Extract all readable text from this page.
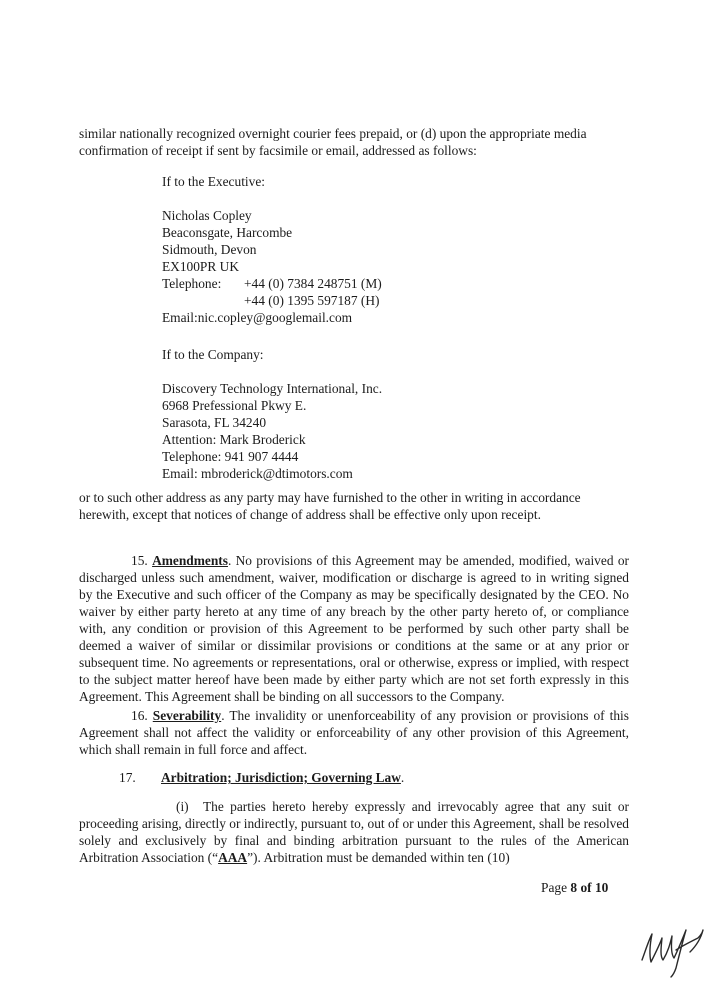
similar nationally recognized overnight courier fees prepaid, or (d) upon the appropriate media confirmation of receipt if sent by facsimile or email, addressed as follows:

If to the Executive:
Nicholas Copley
Beaconsgate, Harcombe
Sidmouth, Devon
EX100PR UK
Telephone: +44 (0) 7384 248751 (M)
+44 (0) 1395 597187 (H)
Email:nic.copley@googlemail.com
If to the Company:
Discovery Technology International, Inc.
6968 Prefessional Pkwy E.
Sarasota, FL 34240
Attention: Mark Broderick
Telephone: 941 907 4444
Email: mbroderick@dtimotors.com

or to such other address as any party may have furnished to the other in writing in accordance herewith, except that notices of change of address shall be effective only upon receipt.

15. Amendments. No provisions of this Agreement may be amended, modified, waived or discharged unless such amendment, waiver, modification or discharge is agreed to in writing signed by the Executive and such officer of the Company as may be specifically designated by the CEO. No waiver by either party hereto at any time of any breach by the other party hereto of, or compliance with, any condition or provision of this Agreement to be performed by such other party shall be deemed a waiver of similar or dissimilar provisions or conditions at the same or at any prior or subsequent time. No agreements or representations, oral or otherwise, express or implied, with respect to the subject matter hereof have been made by either party which are not set forth expressly in this Agreement. This Agreement shall be binding on all successors to the Company.

16. Severability. The invalidity or unenforceability of any provision or provisions of this Agreement shall not affect the validity or enforceability of any other provision of this Agreement, which shall remain in full force and affect.

17. Arbitration; Jurisdiction; Governing Law.

(i) The parties hereto hereby expressly and irrevocably agree that any suit or proceeding arising, directly or indirectly, pursuant to, out of or under this Agreement, shall be resolved solely and exclusively by final and binding arbitration pursuant to the rules of the American Arbitration Association (“AAA”). Arbitration must be demanded within ten (10)

Page 8 of 10
